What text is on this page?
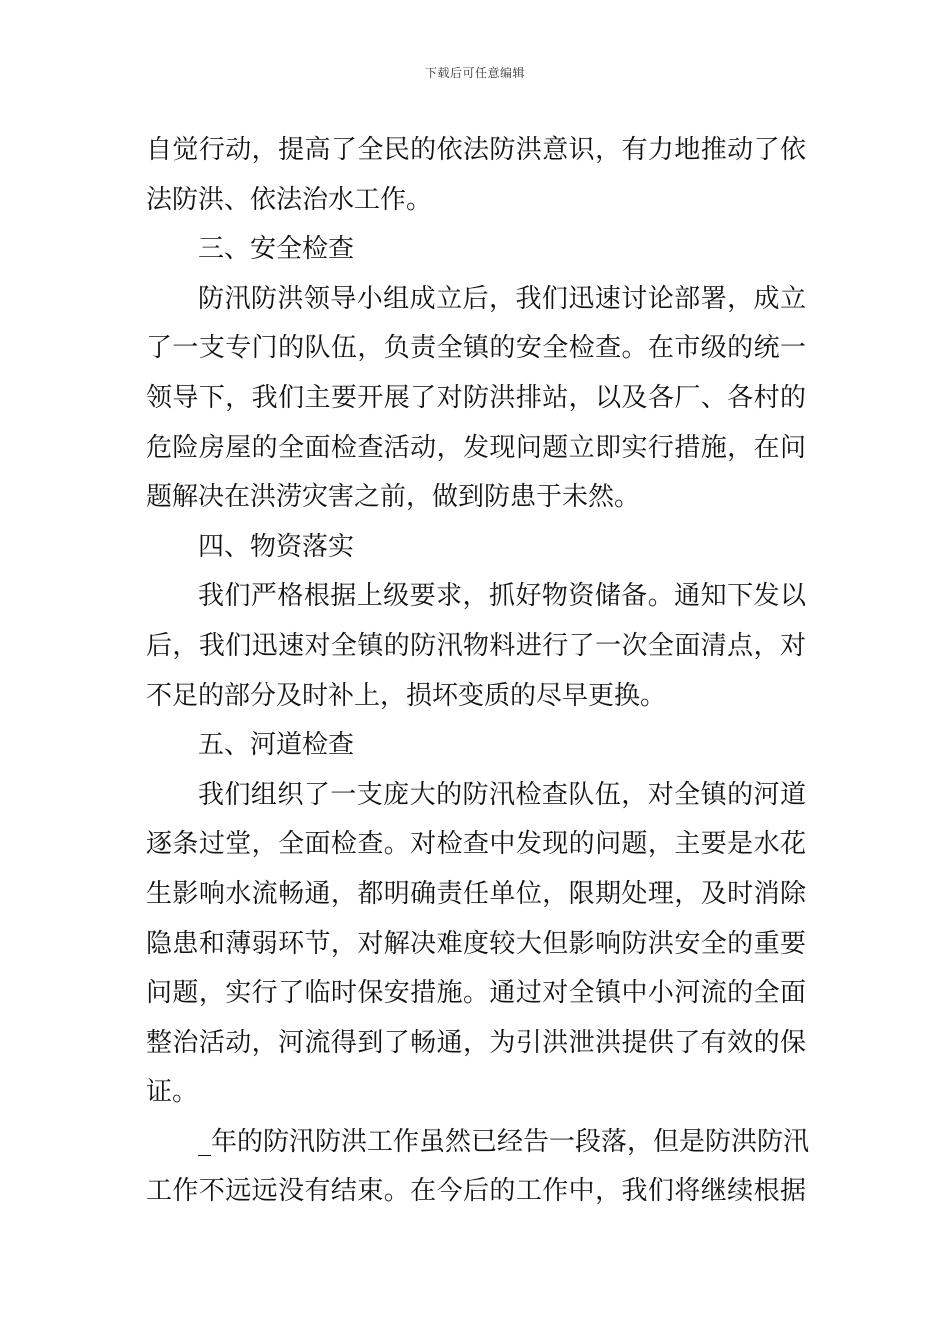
下载后可任意编辑
自觉行动，提高了全民的依法防洪意识，有力地推动了依
法防洪、依法治水工作。
三、安全检查
防汛防洪领导小组成立后，我们迅速讨论部署，成立
了一支专门的队伍，负责全镇的安全检查。在市级的统一
领导下，我们主要开展了对防洪排站，以及各厂、各村的
危险房屋的全面检查活动，发现问题立即实行措施，在问
题解决在洪涝灾害之前，做到防患于未然。
四、物资落实
我们严格根据上级要求，抓好物资储备。通知下发以
后，我们迅速对全镇的防汛物料进行了一次全面清点，对
不足的部分及时补上，损坏变质的尽早更换。
五、河道检查
我们组织了一支庞大的防汛检查队伍，对全镇的河道
逐条过堂，全面检查。对检查中发现的问题，主要是水花
生影响水流畅通，都明确责任单位，限期处理，及时消除
隐患和薄弱环节，对解决难度较大但影响防洪安全的重要
问题，实行了临时保安措施。通过对全镇中小河流的全面
整治活动，河流得到了畅通，为引洪泄洪提供了有效的保
证。
_年的防汛防洪工作虽然已经告一段落，但是防洪防汛
工作不远远没有结束。在今后的工作中，我们将继续根据
